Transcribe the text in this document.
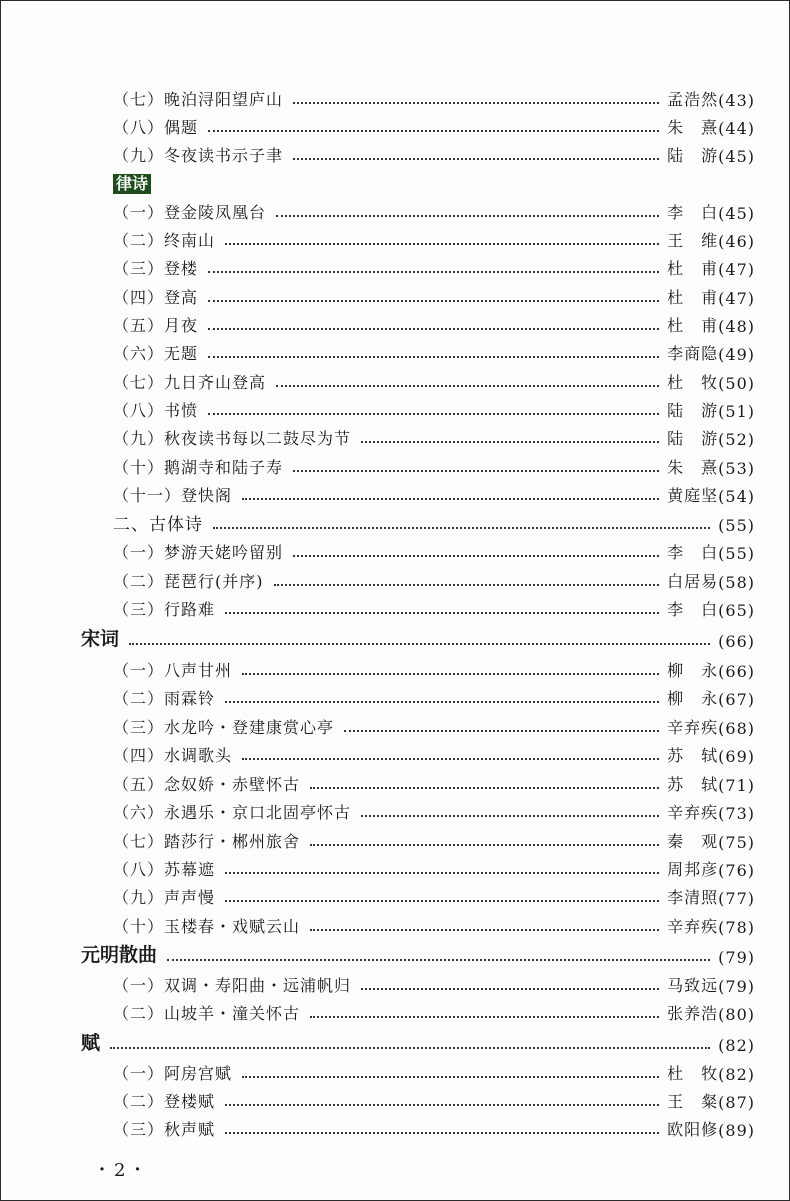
（七）晚泊浔阳望庐山	孟浩然 (43)
（八）偶题	朱　熹 (44)
（九）冬夜读书示子聿	陆　游 (45)
律诗
（一）登金陵凤凰台	李　白 (45)
（二）终南山	王　维 (46)
（三）登楼	杜　甫 (47)
（四）登高	杜　甫 (47)
（五）月夜	杜　甫 (48)
（六）无题	李商隐 (49)
（七）九日齐山登高	杜　牧 (50)
（八）书愤	陆　游 (51)
（九）秋夜读书每以二鼓尽为节	陆　游 (52)
（十）鹅湖寺和陆子寿	朱　熹 (53)
（十一）登快阁	黄庭坚 (54)
二、古体诗	(55)
（一）梦游天姥吟留别	李　白 (55)
（二）琵琶行(并序)	白居易 (58)
（三）行路难	李　白 (65)
宋词	(66)
（一）八声甘州	柳　永 (66)
（二）雨霖铃	柳　永 (67)
（三）水龙吟・登建康赏心亭	辛弃疾 (68)
（四）水调歌头	苏　轼 (69)
（五）念奴娇・赤壁怀古	苏　轼 (71)
（六）永遇乐・京口北固亭怀古	辛弃疾 (73)
（七）踏莎行・郴州旅舍	秦　观 (75)
（八）苏幕遮	周邦彦 (76)
（九）声声慢	李清照 (77)
（十）玉楼春・戏赋云山	辛弃疾 (78)
元明散曲	(79)
（一）双调・寿阳曲・远浦帆归	马致远 (79)
（二）山坡羊・潼关怀古	张养浩 (80)
赋	(82)
（一）阿房宫赋	杜　牧 (82)
（二）登楼赋	王　粲 (87)
（三）秋声赋	欧阳修 (89)
・2・
